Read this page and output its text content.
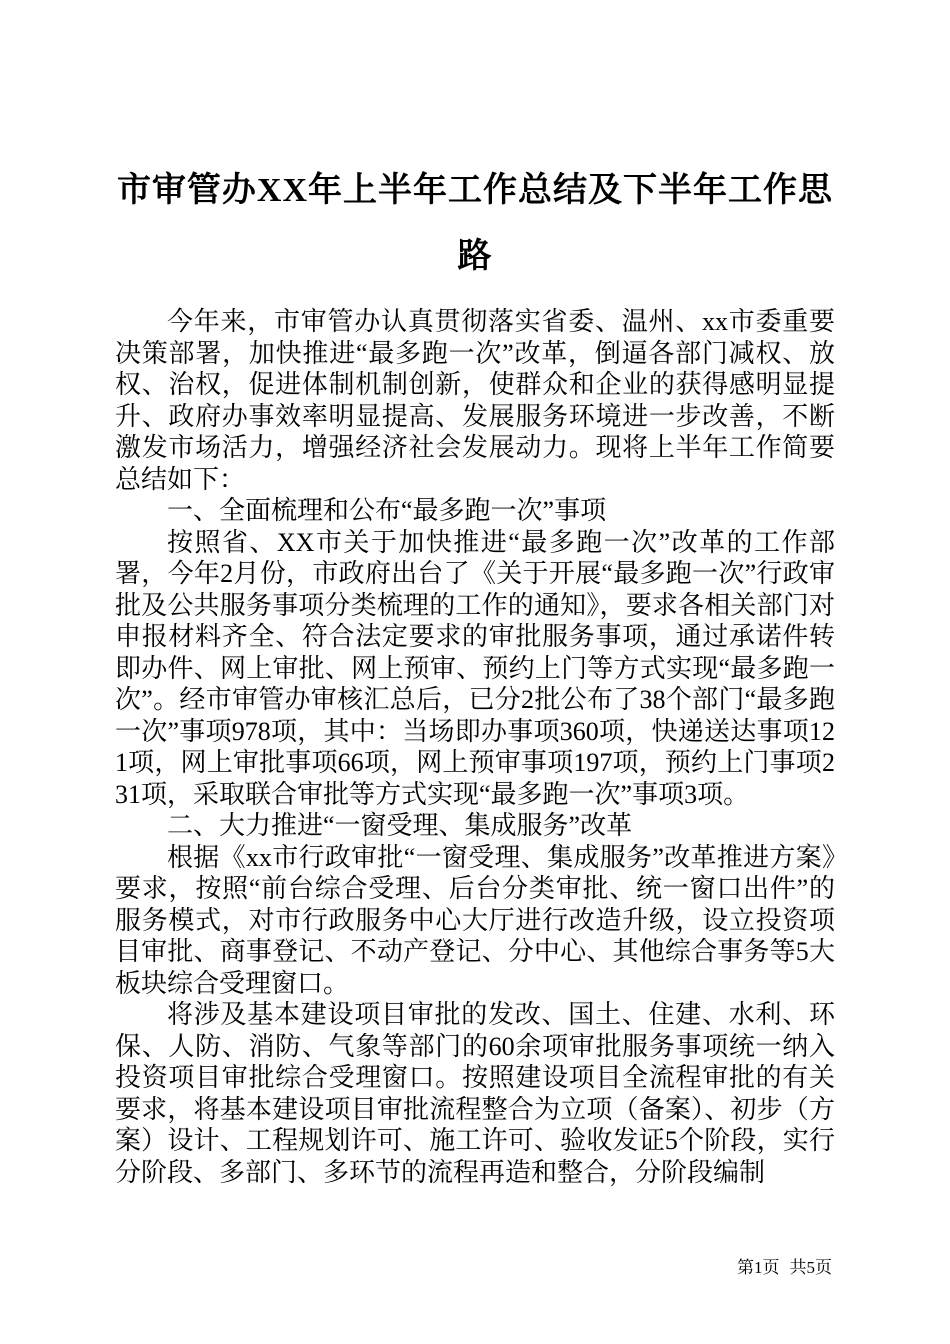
市审管办XX年上半年工作总结及下半年工作思路

今年来，市审管办认真贯彻落实省委、温州、xx市委重要决策部署，加快推进“最多跑一次”改革，倒逼各部门减权、放权、治权，促进体制机制创新，使群众和企业的获得感明显提升、政府办事效率明显提高、发展服务环境进一步改善，不断激发市场活力，增强经济社会发展动力。现将上半年工作简要总结如下：

一、全面梳理和公布“最多跑一次”事项

按照省、XX市关于加快推进“最多跑一次”改革的工作部署，今年2月份，市政府出台了《关于开展“最多跑一次”行政审批及公共服务事项分类梳理的工作的通知》，要求各相关部门对申报材料齐全、符合法定要求的审批服务事项，通过承诺件转即办件、网上审批、网上预审、预约上门等方式实现“最多跑一次”。经市审管办审核汇总后，已分2批公布了38个部门“最多跑一次”事项978项，其中：当场即办事项360项，快递送达事项121项，网上审批事项66项，网上预审事项197项，预约上门事项231项，采取联合审批等方式实现“最多跑一次”事项3项。

二、大力推进“一窗受理、集成服务”改革

根据《xx市行政审批“一窗受理、集成服务”改革推进方案》要求，按照“前台综合受理、后台分类审批、统一窗口出件”的服务模式，对市行政服务中心大厅进行改造升级，设立投资项目审批、商事登记、不动产登记、分中心、其他综合事务等5大板块综合受理窗口。

将涉及基本建设项目审批的发改、国土、住建、水利、环保、人防、消防、气象等部门的60余项审批服务事项统一纳入投资项目审批综合受理窗口。按照建设项目全流程审批的有关要求，将基本建设项目审批流程整合为立项（备案）、初步（方案）设计、工程规划许可、施工许可、验收发证5个阶段，实行分阶段、多部门、多环节的流程再造和整合，分阶段编制

第1页 共5页
